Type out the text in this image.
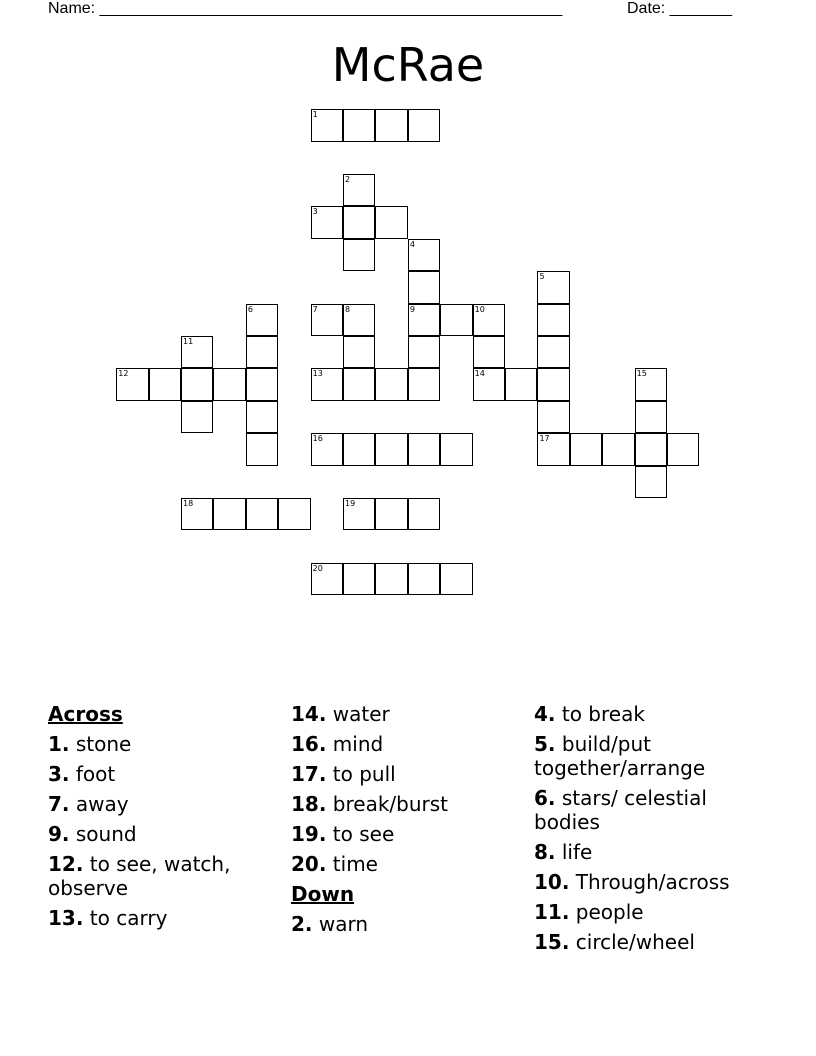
Name: ____________________________________________________	Date: _______
McRae
1
2
3
4
9
5
17
6	7	8	10
14
11
12	13	15
16
18	19
20
Across
1. stone
3. foot
7. away
9. sound
12. to see, watch, observe
13. to carry
14. water
16. mind
17. to pull
18. break/burst
19. to see
20. time
Down
2. warn
4. to break
5. build/put together/arrange
6. stars/ celestial bodies
8. life
10. Through/across
11. people
15. circle/wheel
